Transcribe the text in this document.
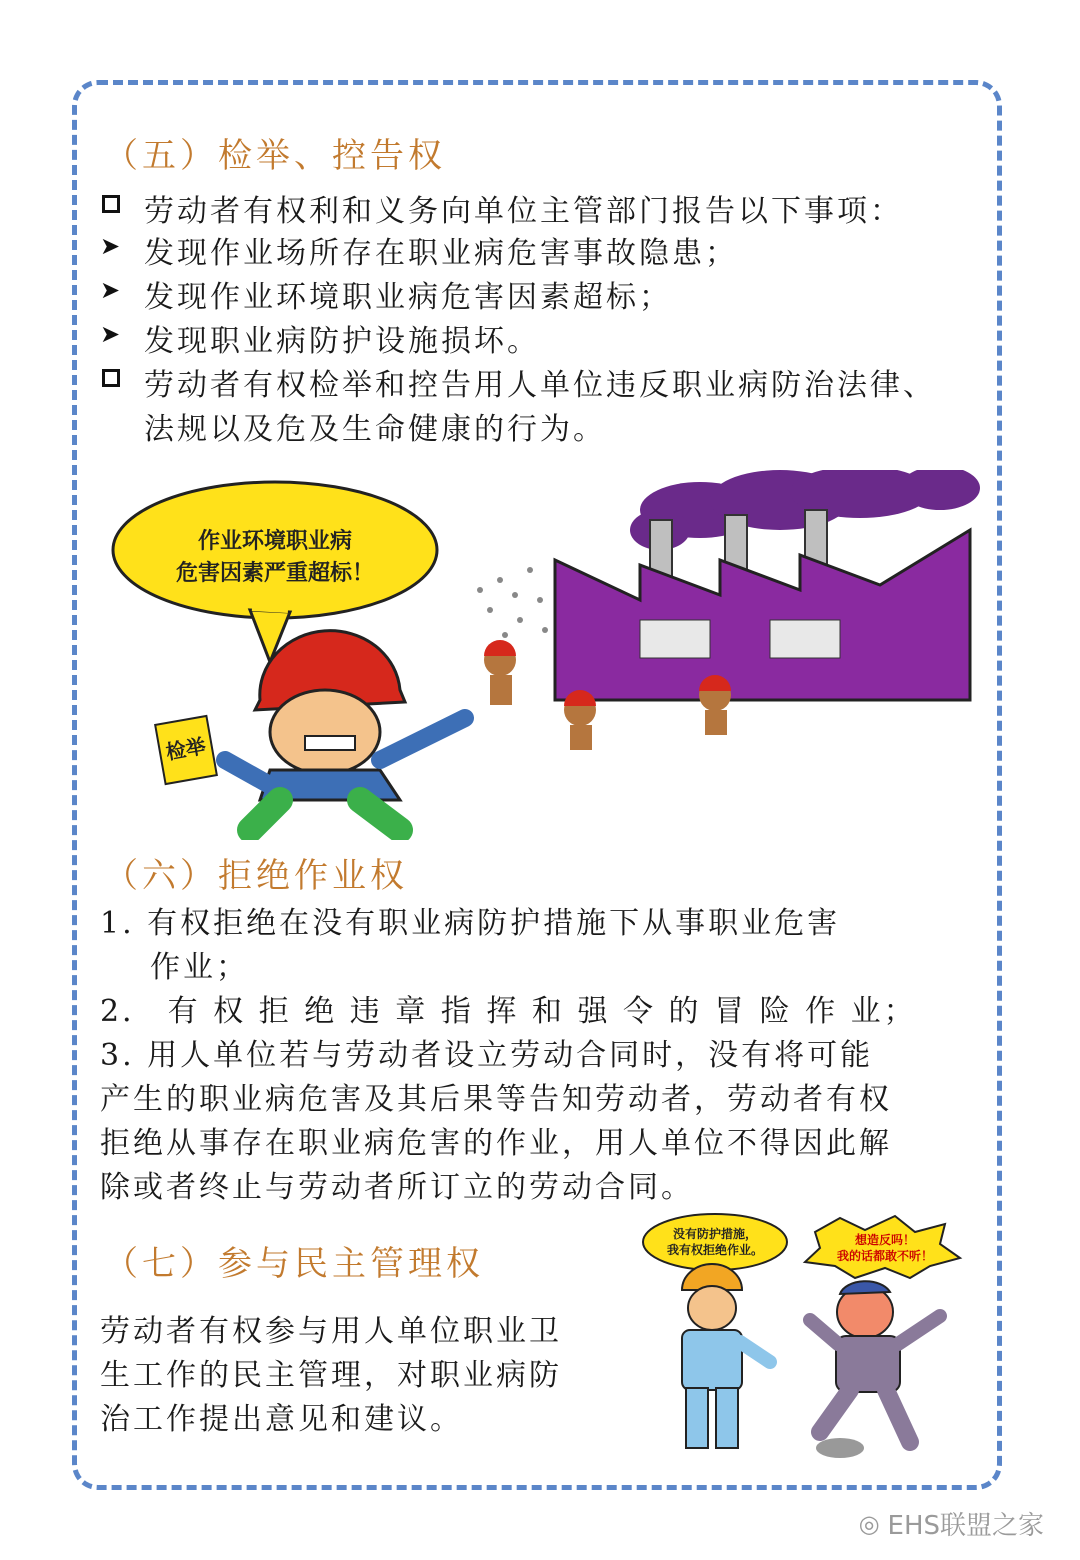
（五）检举、控告权

劳动者有权利和义务向单位主管部门报告以下事项：

➤ 发现作业场所存在职业病危害事故隐患；

➤ 发现作业环境职业病危害因素超标；

➤ 发现职业病防护设施损坏。

劳动者有权检举和控告用人单位违反职业病防治法律、

法规以及危及生命健康的行为。

作业环境职业病
危害因素严重超标！
检举
（六）拒绝作业权

1. 有权拒绝在没有职业病防护措施下从事职业危害

作业；

2． 有 权 拒 绝 违 章 指 挥 和 强 令 的 冒 险 作 业；

3. 用人单位若与劳动者设立劳动合同时，没有将可能

产生的职业病危害及其后果等告知劳动者，劳动者有权

拒绝从事存在职业病危害的作业，用人单位不得因此解

除或者终止与劳动者所订立的劳动合同。

（七）参与民主管理权

劳动者有权参与用人单位职业卫

生工作的民主管理，对职业病防

治工作提出意见和建议。

没有防护措施，
我有权拒绝作业。
想造反吗！
我的话都敢不听！
◎ EHS联盟之家
